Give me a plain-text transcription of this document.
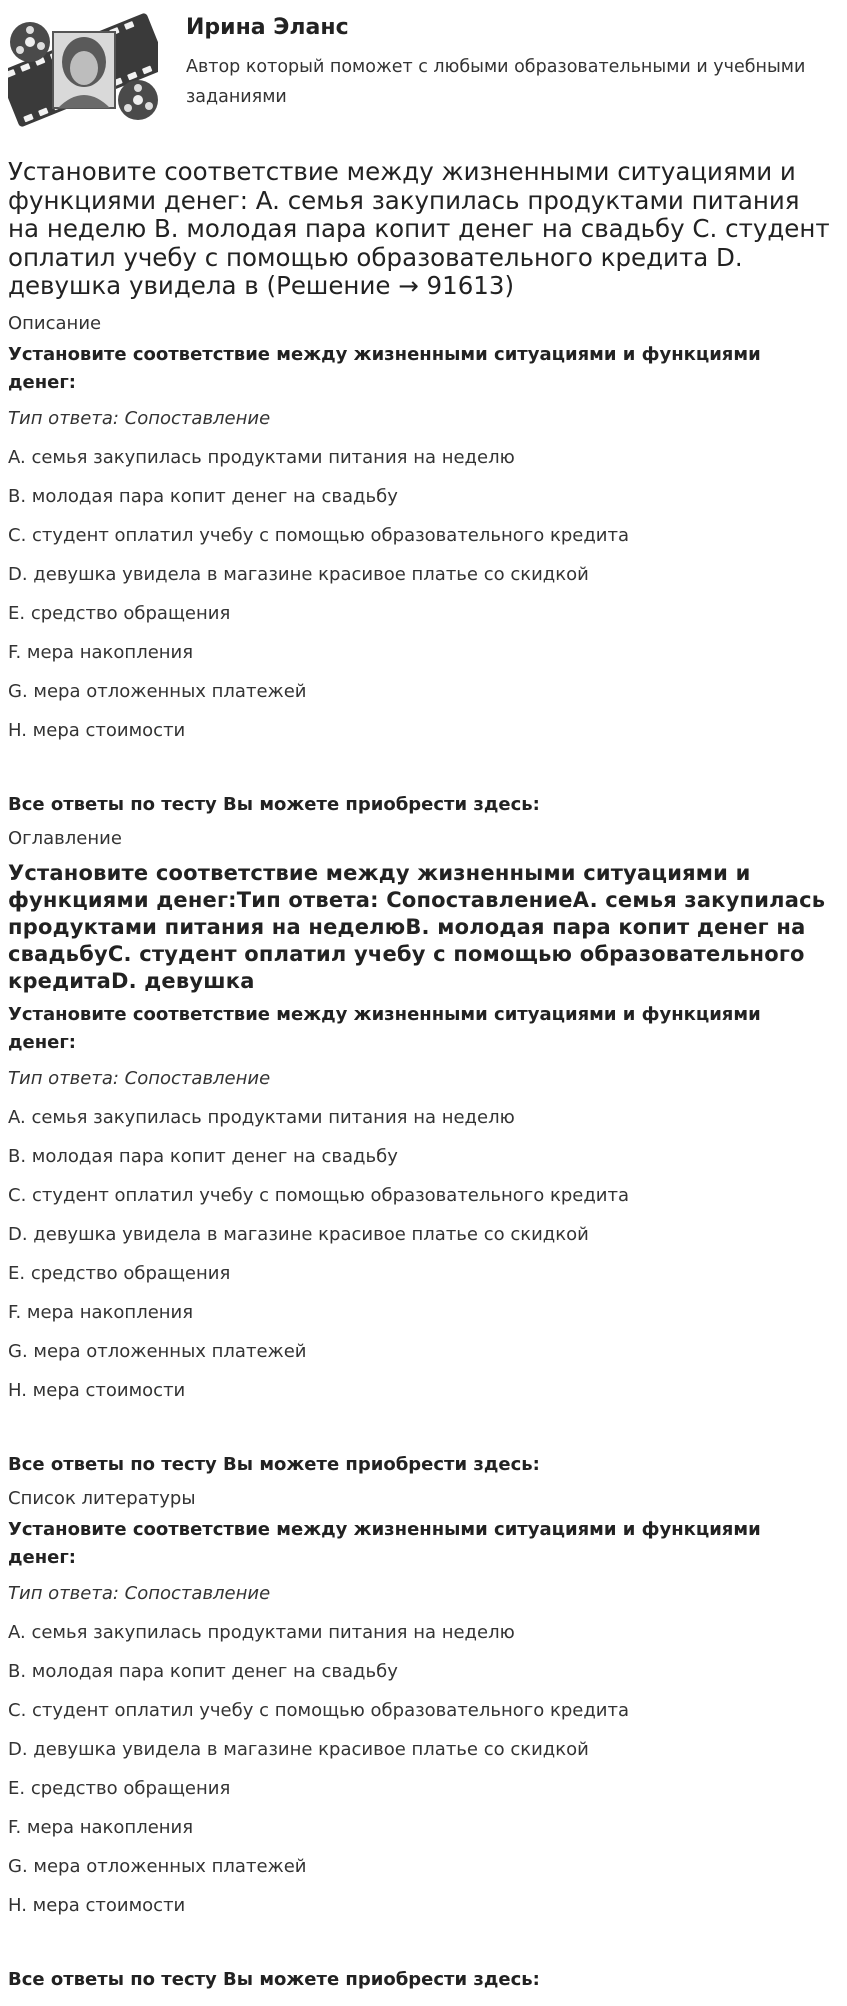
Ирина Эланс
Автор который поможет с любыми образовательными и учебными заданиями
Установите соответствие между жизненными ситуациями и функциями денег: A. семья закупилась продуктами питания на неделю B. молодая пара копит денег на свадьбу C. студент оплатил учебу с помощью образовательного кредита D. девушка увидела в (Решение → 91613)
Описание
Установите соответствие между жизненными ситуациями и функциями денег:
Тип ответа: Сопоставление
A. семья закупилась продуктами питания на неделю
B. молодая пара копит денег на свадьбу
C. студент оплатил учебу с помощью образовательного кредита
D. девушка увидела в магазине красивое платье со скидкой
E. средство обращения
F. мера накопления
G. мера отложенных платежей
H. мера стоимости
Все ответы по тесту Вы можете приобрести здесь:
Оглавление
Установите соответствие между жизненными ситуациями и функциями денег:Тип ответа: СопоставлениеA. семья закупилась продуктами питания на неделюB. молодая пара копит денег на свадьбуC. студент оплатил учебу с помощью образовательного кредитаD. девушка
Установите соответствие между жизненными ситуациями и функциями денег:
Тип ответа: Сопоставление
A. семья закупилась продуктами питания на неделю
B. молодая пара копит денег на свадьбу
C. студент оплатил учебу с помощью образовательного кредита
D. девушка увидела в магазине красивое платье со скидкой
E. средство обращения
F. мера накопления
G. мера отложенных платежей
H. мера стоимости
Все ответы по тесту Вы можете приобрести здесь:
Список литературы
Установите соответствие между жизненными ситуациями и функциями денег:
Тип ответа: Сопоставление
A. семья закупилась продуктами питания на неделю
B. молодая пара копит денег на свадьбу
C. студент оплатил учебу с помощью образовательного кредита
D. девушка увидела в магазине красивое платье со скидкой
E. средство обращения
F. мера накопления
G. мера отложенных платежей
H. мера стоимости
Все ответы по тесту Вы можете приобрести здесь:
